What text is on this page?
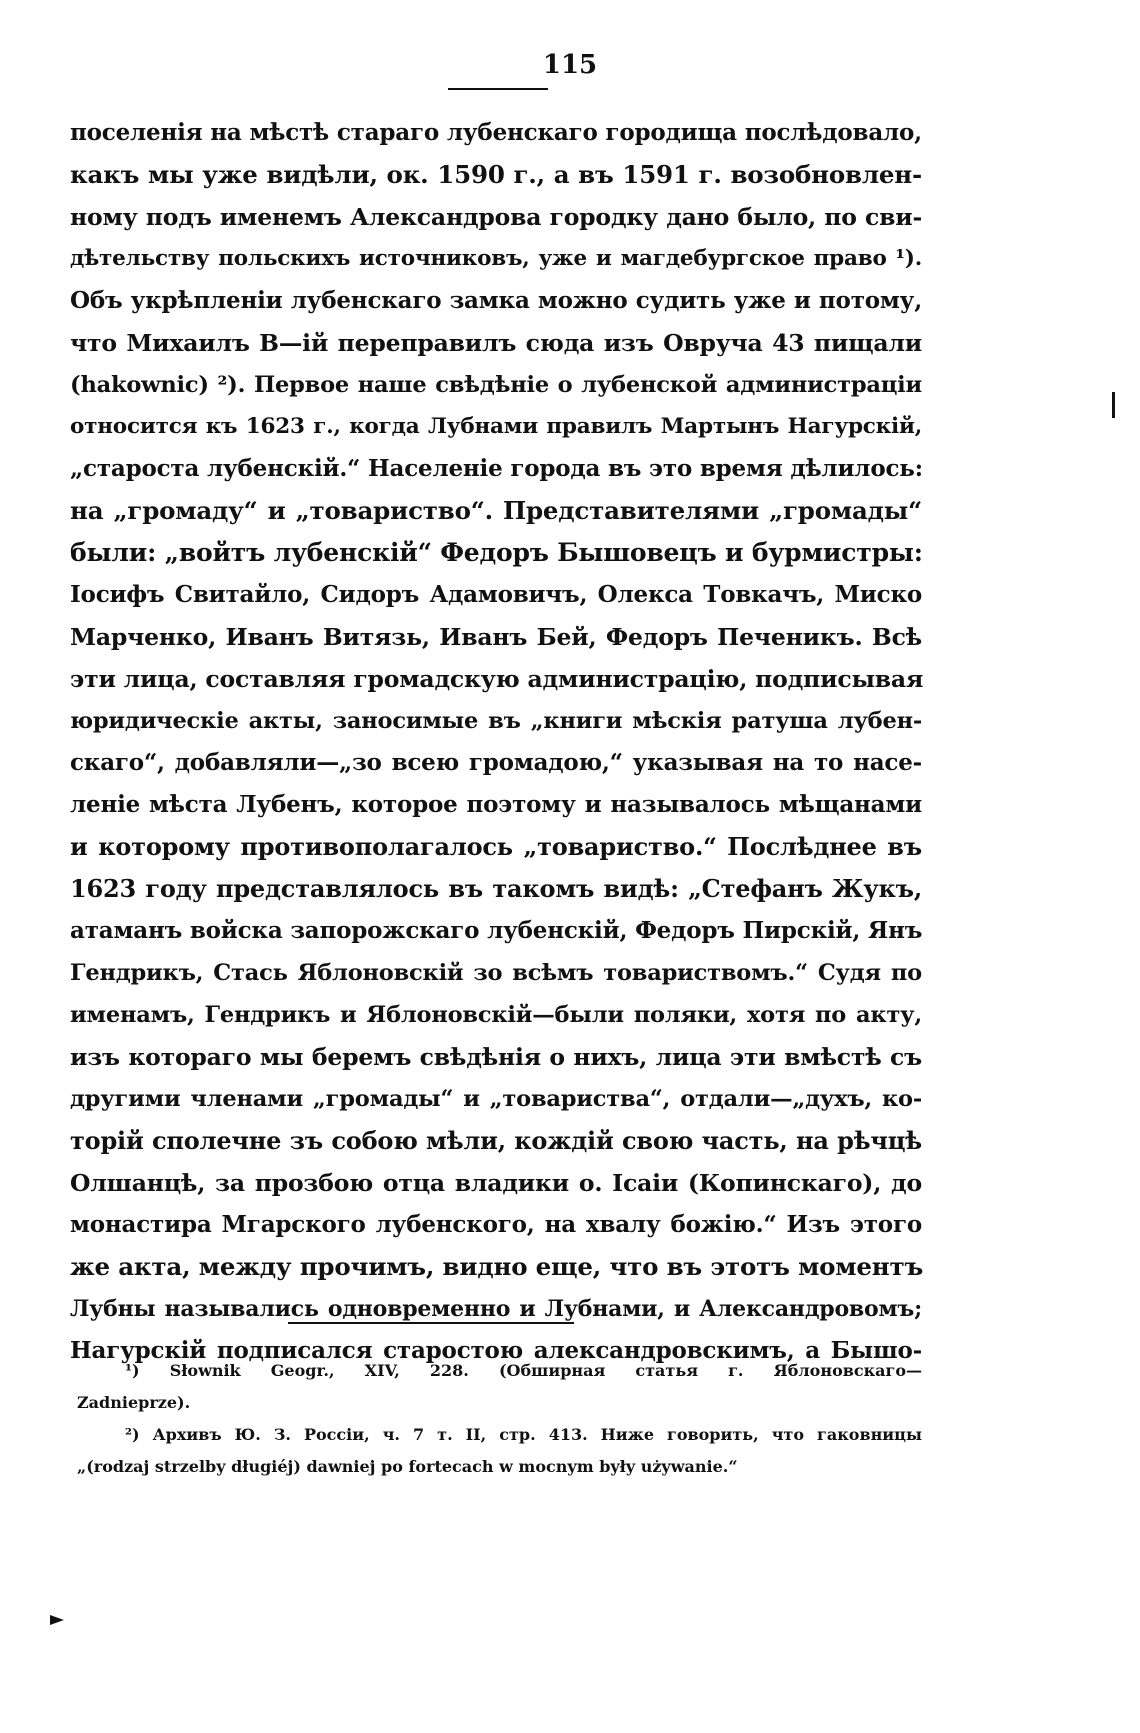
115
поселенія на мѣстѣ стараго лубенскаго городища послѣдовало,
какъ мы уже видѣли, ок. 1590 г., а въ 1591 г. возобновлен-
ному подъ именемъ Александрова городку дано было, по сви-
дѣтельству польскихъ источниковъ, уже и магдебургское право ¹).
Объ укрѣпленіи лубенскаго замка можно судить уже и потому,
что Михаилъ В—ій переправилъ сюда изъ Овруча 43 пищали
(hakownic) ²). Первое наше свѣдѣніе о лубенской администраціи
относится къ 1623 г., когда Лубнами правилъ Мартынъ Нагурскій,
„староста лубенскій.“ Населеніе города въ это время дѣлилось:
на „громаду“ и „товариство“. Представителями „громады“
были: „войтъ лубенскій“ Федоръ Бышовецъ и бурмистры:
Іосифъ Свитайло, Сидоръ Адамовичъ, Олекса Товкачъ, Миско
Марченко, Иванъ Витязь, Иванъ Бей, Федоръ Печеникъ. Всѣ
эти лица, составляя громадскую администрацію, подписывая
юридическіе акты, заносимые въ „книги мѣскія ратуша лубен-
скаго“, добавляли—„зо всею громадою,“ указывая на то насе-
леніе мѣста Лубенъ, которое поэтому и называлось мѣщанами
и которому противополагалось „товариство.“ Послѣднее въ
1623 году представлялось въ такомъ видѣ: „Стефанъ Жукъ,
атаманъ войска запорожскаго лубенскій, Федоръ Пирскій, Янъ
Гендрикъ, Стась Яблоновскій зо всѣмъ товариствомъ.“ Судя по
именамъ, Гендрикъ и Яблоновскій—были поляки, хотя по акту,
изъ котораго мы беремъ свѣдѣнія о нихъ, лица эти вмѣстѣ съ
другими членами „громады“ и „товариства“, отдали—„духъ, ко-
торій сполечне зъ собою мѣли, кождій свою часть, на рѣчцѣ
Олшанцѣ, за прозбою отца владики о. Ісаіи (Копинскаго), до
монастира Мгарского лубенского, на хвалу божію.“ Изъ этого
же акта, между прочимъ, видно еще, что въ этотъ моментъ
Лубны назывались одновременно и Лубнами, и Александровомъ;
Нагурскій подписался старостою александровскимъ, а Бышо-
¹) Słownik Geogr., XIV, 228. (Обширная статья г. Яблоновскаго—
Zadnieprze).
²) Архивъ Ю. З. Россіи, ч. 7 т. II, стр. 413. Ниже говорить, что гаковницы
„(rodzaj strzelby długiéj) dawniej po fortecach w mocnym były używanie.“
